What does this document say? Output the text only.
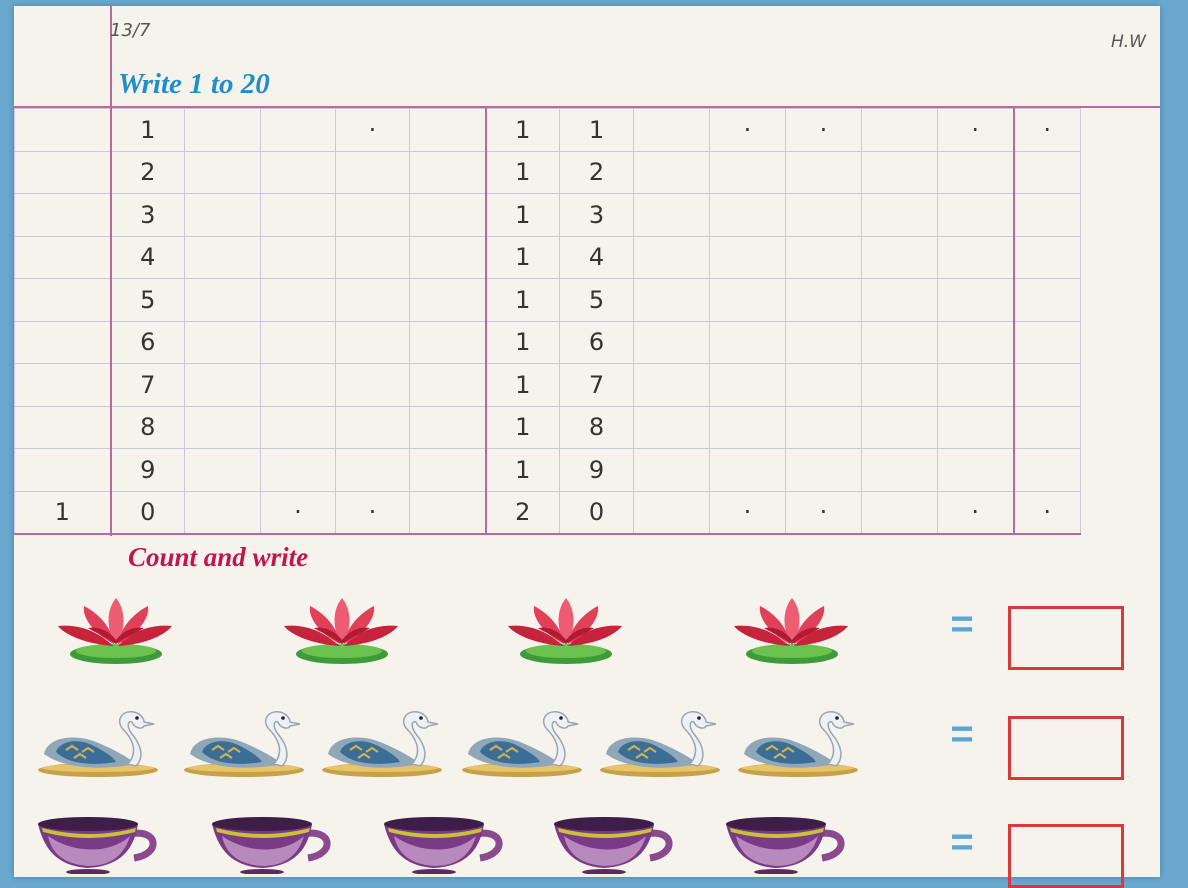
13/7
H.W
Write 1 to 20
	1			·		1	1		·	·		·	·
	2					1	2						
	3					1	3						
	4					1	4						
	5					1	5						
	6					1	6						
	7					1	7						
	8					1	8						
	9					1	9						
1	0		·	·		2	0		·	·		·	·
Count and write
=
=
=
